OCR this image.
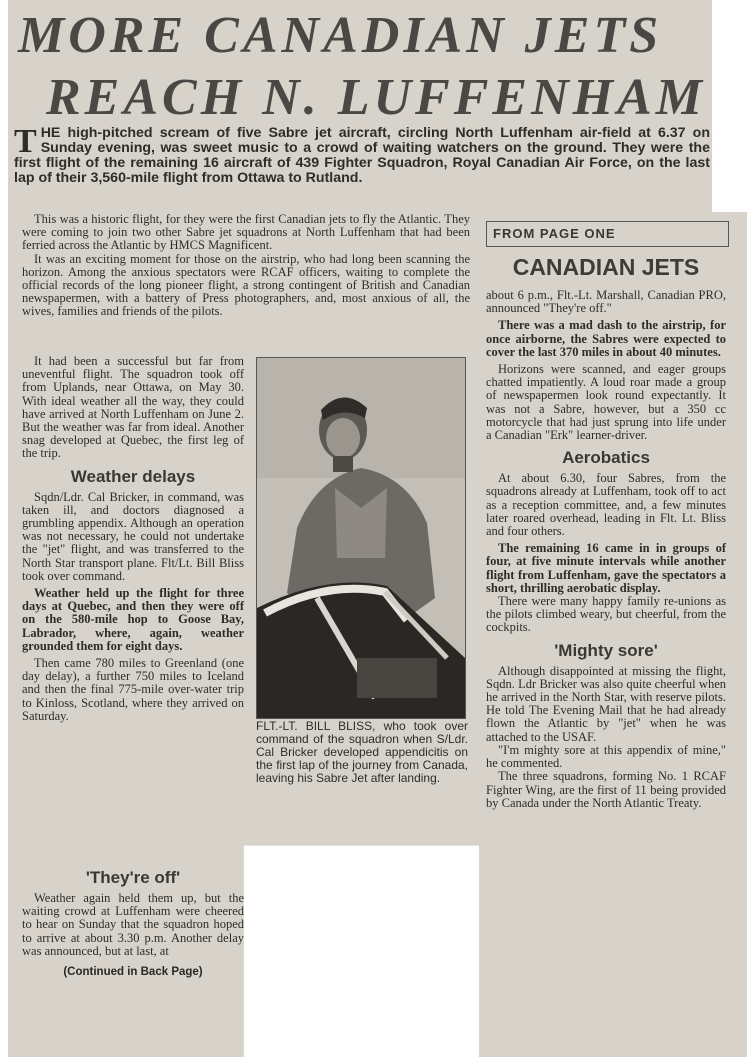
MORE CANADIAN JETS
REACH N. LUFFENHAM

THE high-pitched scream of five Sabre jet aircraft, circling North Luffenham air-field at 6.37 on Sunday evening, was sweet music to a crowd of waiting watchers on the ground. They were the first flight of the remaining 16 aircraft of 439 Fighter Squadron, Royal Canadian Air Force, on the last lap of their 3,560-mile flight from Ottawa to Rutland.

This was a historic flight, for they were the first Canadian jets to fly the Atlantic. They were coming to join two other Sabre jet squadrons at North Luffenham that had been ferried across the Atlantic by HMCS Magnificent.

It was an exciting moment for those on the airstrip, who had long been scanning the horizon. Among the anxious spectators were RCAF officers, waiting to complete the official records of the long pioneer flight, a strong contingent of British and Canadian newspapermen, with a battery of Press photographers, and, most anxious of all, the wives, families and friends of the pilots.

It had been a successful but far from uneventful flight. The squadron took off from Uplands, near Ottawa, on May 30. With ideal weather all the way, they could have arrived at North Luffenham on June 2. But the weather was far from ideal. Another snag developed at Quebec, the first leg of the trip.

Weather delays

Sqdn/Ldr. Cal Bricker, in command, was taken ill, and doctors diagnosed a grumbling appendix. Although an operation was not necessary, he could not undertake the "jet" flight, and was transferred to the North Star transport plane. Flt/Lt. Bill Bliss took over command.

Weather held up the flight for three days at Quebec, and then they were off on the 580-mile hop to Goose Bay, Labrador, where, again, weather grounded them for eight days.

Then came 780 miles to Greenland (one day delay), a further 750 miles to Iceland and then the final 775-mile over-water trip to Kinloss, Scotland, where they arrived on Saturday.

'They're off'

Weather again held them up, but the waiting crowd at Luffenham were cheered to hear on Sunday that the squadron hoped to arrive at about 3.30 p.m. Another delay was announced, but at last, at

(Continued in Back Page)

FLT.-LT. BILL BLISS, who took over command of the squadron when S/Ldr. Cal Bricker developed appendicitis on the first lap of the journey from Canada, leaving his Sabre Jet after landing.

FROM PAGE ONE
CANADIAN JETS

about 6 p.m., Flt.-Lt. Marshall, Canadian PRO, announced "They're off."

There was a mad dash to the airstrip, for once airborne, the Sabres were expected to cover the last 370 miles in about 40 minutes.

Horizons were scanned, and eager groups chatted impatiently. A loud roar made a group of newspapermen look round expectantly. It was not a Sabre, however, but a 350 cc motorcycle that had just sprung into life under a Canadian "Erk" learner-driver.

Aerobatics

At about 6.30, four Sabres, from the squadrons already at Luffenham, took off to act as a reception committee, and, a few minutes later roared overhead, leading in Flt. Lt. Bliss and four others.

The remaining 16 came in in groups of four, at five minute intervals while another flight from Luffenham, gave the spectators a short, thrilling aerobatic display.

There were many happy family re-unions as the pilots climbed weary, but cheerful, from the cockpits.

'Mighty sore'

Although disappointed at missing the flight, Sqdn. Ldr Bricker was also quite cheerful when he arrived in the North Star, with reserve pilots. He told The Evening Mail that he had already flown the Atlantic by "jet" when he was attached to the USAF.

"I'm mighty sore at this appendix of mine," he commented.

The three squadrons, forming No. 1 RCAF Fighter Wing, are the first of 11 being provided by Canada under the North Atlantic Treaty.
